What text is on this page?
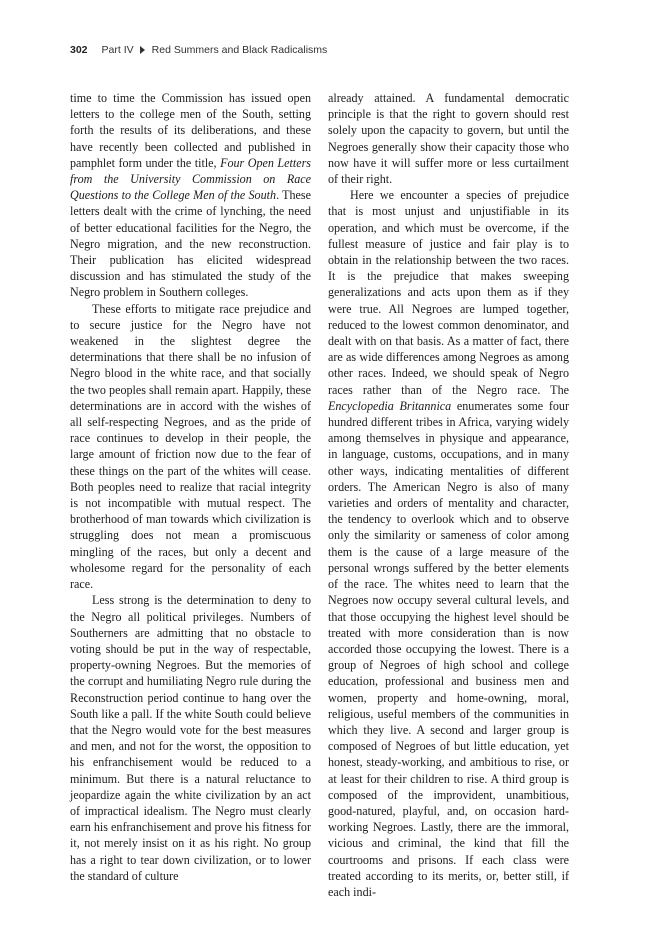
302 Part IV Red Summers and Black Radicalisms

time to time the Commission has issued open letters to the college men of the South, setting forth the results of its deliberations, and these have recently been collected and published in pamphlet form under the title, Four Open Letters from the University Commission on Race Questions to the College Men of the South. These letters dealt with the crime of lynching, the need of better educational facilities for the Negro, the Negro migration, and the new reconstruction. Their publication has elicited widespread discussion and has stimulated the study of the Negro problem in Southern colleges.

These efforts to mitigate race prejudice and to secure justice for the Negro have not weakened in the slightest degree the determinations that there shall be no infusion of Negro blood in the white race, and that socially the two peoples shall remain apart. Happily, these determinations are in accord with the wishes of all self-respecting Negroes, and as the pride of race continues to develop in their people, the large amount of friction now due to the fear of these things on the part of the whites will cease. Both peoples need to realize that racial integrity is not incompatible with mutual respect. The brotherhood of man towards which civilization is struggling does not mean a promiscuous mingling of the races, but only a decent and wholesome regard for the personality of each race.

Less strong is the determination to deny to the Negro all political privileges. Numbers of Southerners are admitting that no obstacle to voting should be put in the way of respectable, property-owning Negroes. But the memories of the corrupt and humiliating Negro rule during the Reconstruction period continue to hang over the South like a pall. If the white South could believe that the Negro would vote for the best measures and men, and not for the worst, the opposition to his enfranchisement would be reduced to a minimum. But there is a natural reluctance to jeopardize again the white civilization by an act of impractical idealism. The Negro must clearly earn his enfranchisement and prove his fitness for it, not merely insist on it as his right. No group has a right to tear down civilization, or to lower the standard of culture

already attained. A fundamental democratic principle is that the right to govern should rest solely upon the capacity to govern, but until the Negroes generally show their capacity those who now have it will suffer more or less curtailment of their right.

Here we encounter a species of prejudice that is most unjust and unjustifiable in its operation, and which must be overcome, if the fullest measure of justice and fair play is to obtain in the relationship between the two races. It is the prejudice that makes sweeping generalizations and acts upon them as if they were true. All Negroes are lumped together, reduced to the lowest common denominator, and dealt with on that basis. As a matter of fact, there are as wide differences among Negroes as among other races. Indeed, we should speak of Negro races rather than of the Negro race. The Encyclopedia Britannica enumerates some four hundred different tribes in Africa, varying widely among themselves in physique and appearance, in language, customs, occupations, and in many other ways, indicating mentalities of different orders. The American Negro is also of many varieties and orders of mentality and character, the tendency to overlook which and to observe only the similarity or sameness of color among them is the cause of a large measure of the personal wrongs suffered by the better elements of the race. The whites need to learn that the Negroes now occupy several cultural levels, and that those occupying the highest level should be treated with more consideration than is now accorded those occupying the lowest. There is a group of Negroes of high school and college education, professional and business men and women, property and home-owning, moral, religious, useful members of the communities in which they live. A second and larger group is composed of Negroes of but little education, yet honest, steady-working, and ambitious to rise, or at least for their children to rise. A third group is composed of the improvident, unambitious, good-natured, playful, and, on occasion hard-working Negroes. Lastly, there are the immoral, vicious and criminal, the kind that fill the courtrooms and prisons. If each class were treated according to its merits, or, better still, if each indi-
